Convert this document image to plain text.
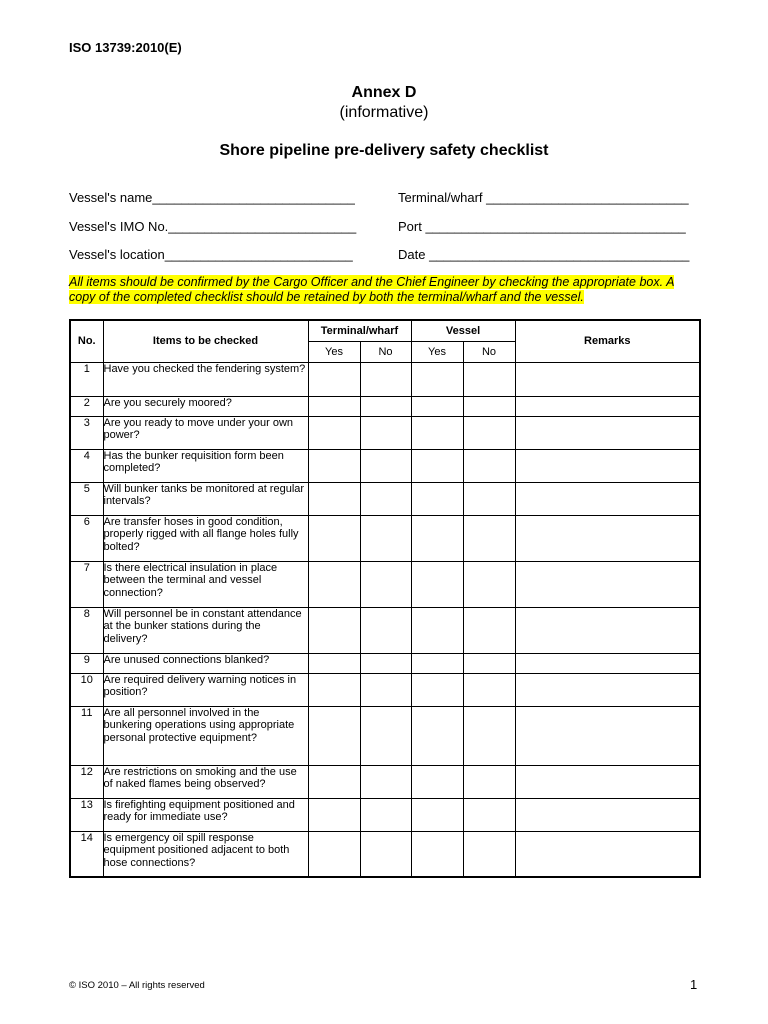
ISO 13739:2010(E)
Annex D
(informative)
Shore pipeline pre-delivery safety checklist
Vessel's name____________________________	Terminal/wharf ____________________________
Vessel's IMO No.__________________________	Port ____________________________________
Vessel's location__________________________	Date ____________________________________
All items should be confirmed by the Cargo Officer and the Chief Engineer by checking the appropriate box. A copy of the completed checklist should be retained by both the terminal/wharf and the vessel.
No.	Items to be checked	Terminal/wharf		Vessel		Remarks
		Yes	No	Yes	No	
1	Have you checked the fendering system?					
2	Are you securely moored?					
3	Are you ready to move under your own power?					
4	Has the bunker requisition form been completed?					
5	Will bunker tanks be monitored at regular intervals?					
6	Are transfer hoses in good condition, properly rigged with all flange holes fully bolted?					
7	Is there electrical insulation in place between the terminal and vessel connection?					
8	Will personnel be in constant attendance at the bunker stations during the delivery?					
9	Are unused connections blanked?					
10	Are required delivery warning notices in position?					
11	Are all personnel involved in the bunkering operations using appropriate personal protective equipment?					
12	Are restrictions on smoking and the use of naked flames being observed?					
13	Is firefighting equipment positioned and ready for immediate use?					
14	Is emergency oil spill response equipment positioned adjacent to both hose connections?					
© ISO 2010 – All rights reserved	1
